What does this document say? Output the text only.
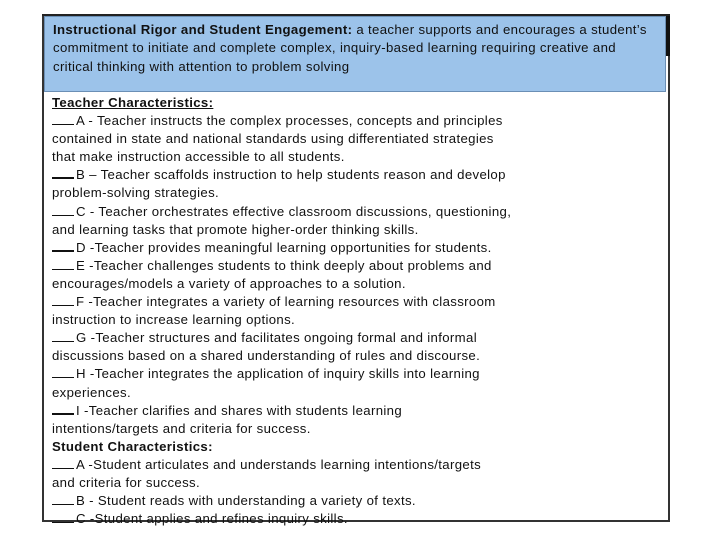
Instructional Rigor and Student Engagement: a teacher supports and encourages a student’s commitment to initiate and complete complex, inquiry-based learning requiring creative and critical thinking with attention to problem solving
Teacher Characteristics:
A - Teacher instructs the complex processes, concepts and principles
contained in state and national standards using differentiated strategies
that make instruction accessible to all students.
B – Teacher scaffolds instruction to help students reason and develop
problem-solving strategies.
C - Teacher orchestrates effective classroom discussions, questioning,
and learning tasks that promote higher-order thinking skills.
D -Teacher provides meaningful learning opportunities for students.
E -Teacher challenges students to think deeply about problems and
encourages/models a variety of approaches to a solution.
F -Teacher integrates a variety of learning resources with classroom
instruction to increase learning options.
G -Teacher structures and facilitates ongoing formal and informal
discussions based on a shared understanding of rules and discourse.
H -Teacher integrates the application of inquiry skills into learning
experiences.
I -Teacher clarifies and shares with students learning
intentions/targets and criteria for success.
Student Characteristics:
A -Student articulates and understands learning intentions/targets
and criteria for success.
B - Student reads with understanding a variety of texts.
C -Student applies and refines inquiry skills.
